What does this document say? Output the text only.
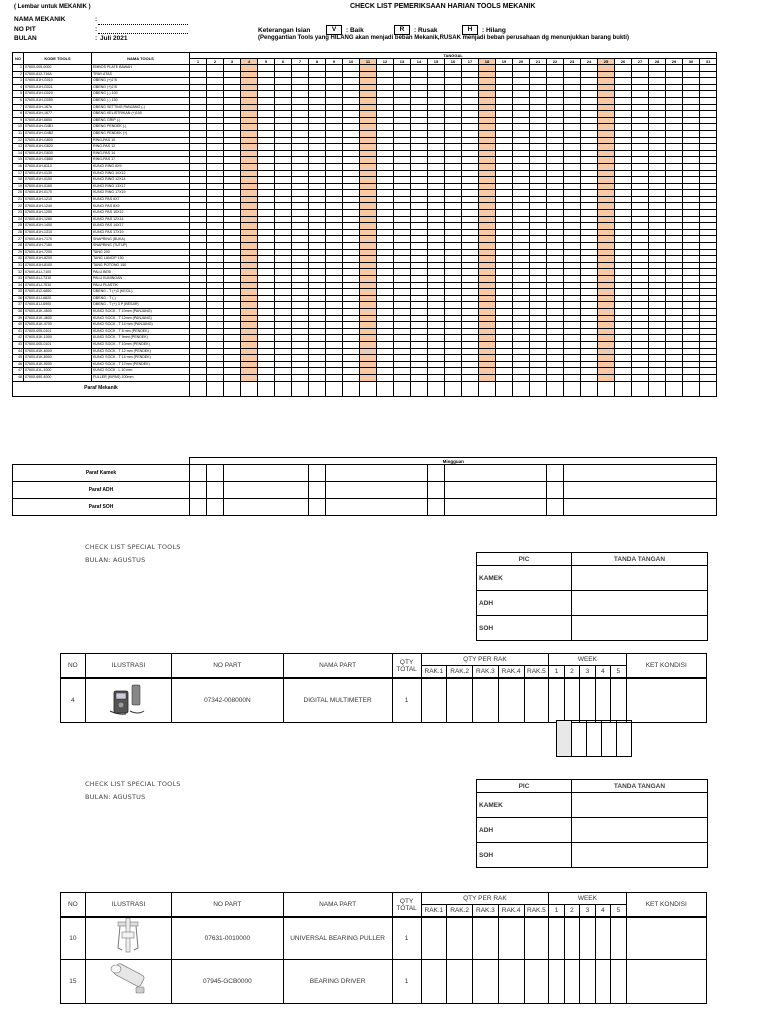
( Lembar untuk MEKANIK )	CHECK LIST PEMERIKSAAN HARIAN TOOLS MEKANIK
NAMA MEKANIK	:
NO PIT	:
BULAN	: Juli 2021
Keterangan Isian	V	: Baik	R	: Rusak	H	: Hilang
(Penggantian Tools yang HILANG akan menjadi beban Mekanik,RUSAK menjadi beban perusahaan dg menunjukkan barang bukti)
NO	KODE TOOLS	NAMA TOOLS	TANGGAL																														
			1	2	3	4	5	6	7	8	9	10	11	12	13	14	15	16	17	18	19	20	21	22	23	24	25	26	27	28	29	30	31
1	07600-005-0000	EMBOS PLATE BAWAH																															
2	07600-812-716A	TRAY ATAS																															
3	07600-81H-G010	OBENG (+)2 B																															
4	07600-81H-G021	OBENG (+)2 B																															
5	07600-81H-G020	OBENG (-) 100																															
6	07600-81H-G050	OBENG (-) 150																															
7	07600-81H-167b	OBENG SETTING PANJANG (-)																															
8	07600-81H-1677	OBENG KELISTRIKAN (+)100																															
9	07600-81H-6850	OBENG GRIP (-)																															
10	07600-81H-G4B1	OBENG PENDEK (-)																															
11	07600-81H-G4B2	OBENG PENDEK (+)																															
12	07600-81H-G800	RING-PAS 10																															
13	07600-81H-G820	RING-PAS 12																															
14	07600-81H-G830	RING-PAS 14																															
15	07600-81H-G880	RING-PAS 17																															
16	07600-81H-8110	KUNCI RING 8X9																															
17	07600-81H-0130	KUNCI RING 10X12																															
18	07600-81H-0150	KUNCI RING 12X14																															
19	07600-81H-0160	KUNCI RING 13X17																															
20	07600-81H-0170	KUNCI RING 17X19																															
21	07600-81H-1210	KUNCI PAS 6X7																															
22	07600-81H-1240	KUNCI PAS 8X9																															
23	07600-81H-1250	KUNCI PAS 10X12																															
24	07600-81H-1260	KUNCI PAS 12X14																															
25	07600-81H-1400	KUNCI PAS 14X17																															
26	07600-81H-1310	KUNCI PAS 17X19																															
27	07600-81H-7170	SNAPRING (BUKA)																															
28	07600-81H-7180	SNAPRING (TUTUP)																															
29	07600-81H-7200	TANG 200																															
30	07600-81H-8200	TANG LANCIP 150																															
31	07600-81H-8100	TANG POTONG 150																															
32	07600-81J-7100	PALU BESI																															
33	07600-81J-7310	PALU KUNINGAN																															
34	07600-81J-7510	PALU PLASTIK																															
35	07600-812-6850	OBENG - T (+)3 (KECIL)																															
36	07600-81J-6820	OBENG - T (-)																															
37	07600-81J-6900	OBENG - T (+) 3 P (BESAR)																															
38	07600-81K-4500	KUNCI SOCK - T 10mm (PANJANG)																															
39	07600-81K-4600	KUNCI SOCK - T 12mm (PANJANG)																															
40	07600-81K-4700	KUNCI SOCK - T 14 mm (PANJANG)																															
41	07600-005-0101	KUNCI SOCK - T 8 mm (PENDEK)																															
42	07600-81K-1000	KUNCI SOCK - T 9mm (PENDEK)																															
43	07600-005-0101	KUNCI SOCK - T 10mm (PENDEK)																															
44	07600-81K-6000	KUNCI SOCK - T 12 mm (PENDEK)																															
45	07600-81K-8000	KUNCI SOCK - T 14 mm (PENDEK)																															
46	07600-81K-9000	KUNCI SOCK - T 17mm (PENDEK)																															
47	07600-81L-1000	KUNCI SOCK - L 10 mm																															
48	07600-690-4000	FULLER (KIPAS) 100mm																															
Paraf Mekanik																																	
	Mingguan								
Paraf Kamek									
Paraf ADH									
Paraf SOH									
CHECK LIST SPECIAL TOOLS
BULAN: AGUSTUS	PIC	TANDA TANGAN
KAMEK	
ADH	
SOH	
NO	ILUSTRASI	NO PART	NAMA PART	QTY TOTAL	QTY PER RAK					WEEK					KET KONDISI
					RAK.1	RAK.2	RAK.3	RAK.4	RAK.5	1	2	3	4	5	
4		07342-008000N	DIGITAL MULTIMETER	1											

CHECK LIST SPECIAL TOOLS
BULAN: AGUSTUS
PIC	TANDA TANGAN
KAMEK	
ADH	
SOH	
NO	ILUSTRASI	NO PART	NAMA PART	QTY TOTAL	QTY PER RAK					WEEK					KET KONDISI
					RAK.1	RAK.2	RAK.3	RAK.4	RAK.5	1	2	3	4	5	
10		07631-0010000	UNIVERSAL BEARING PULLER	1											
15		07945-GCB0000	BEARING DRIVER	1											
